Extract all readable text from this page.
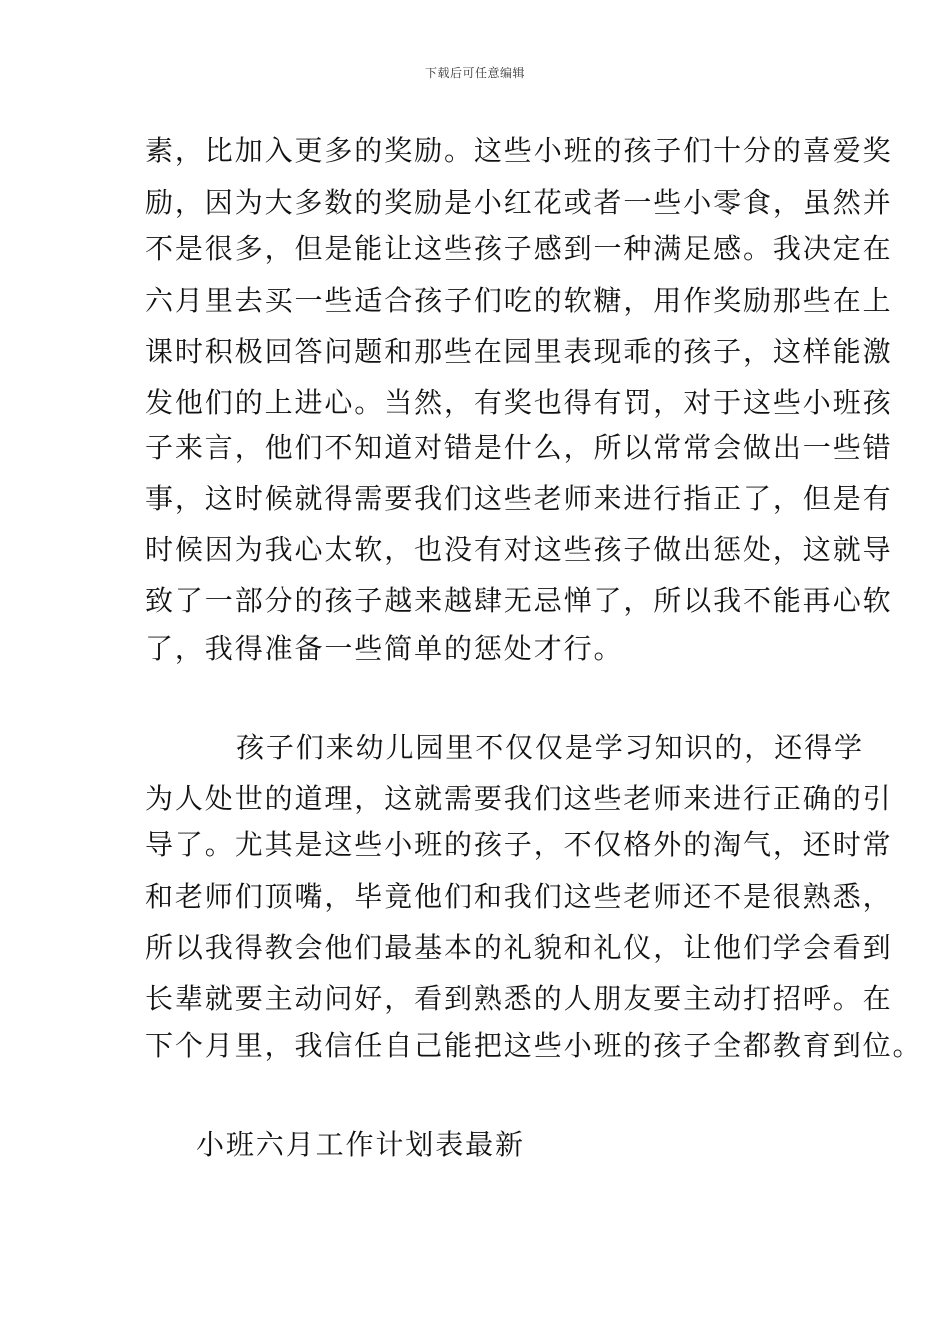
下载后可任意编辑
素，比加入更多的奖励。这些小班的孩子们十分的喜爱奖
励，因为大多数的奖励是小红花或者一些小零食，虽然并
不是很多，但是能让这些孩子感到一种满足感。我决定在
六月里去买一些适合孩子们吃的软糖，用作奖励那些在上
课时积极回答问题和那些在园里表现乖的孩子，这样能激
发他们的上进心。当然，有奖也得有罚，对于这些小班孩
子来言，他们不知道对错是什么，所以常常会做出一些错
事，这时候就得需要我们这些老师来进行指正了，但是有
时候因为我心太软，也没有对这些孩子做出惩处，这就导
致了一部分的孩子越来越肆无忌惮了，所以我不能再心软
了，我得准备一些简单的惩处才行。
孩子们来幼儿园里不仅仅是学习知识的，还得学
为人处世的道理，这就需要我们这些老师来进行正确的引
导了。尤其是这些小班的孩子，不仅格外的淘气，还时常
和老师们顶嘴，毕竟他们和我们这些老师还不是很熟悉，
所以我得教会他们最基本的礼貌和礼仪，让他们学会看到
长辈就要主动问好，看到熟悉的人朋友要主动打招呼。在
下个月里，我信任自己能把这些小班的孩子全都教育到位。
小班六月工作计划表最新
